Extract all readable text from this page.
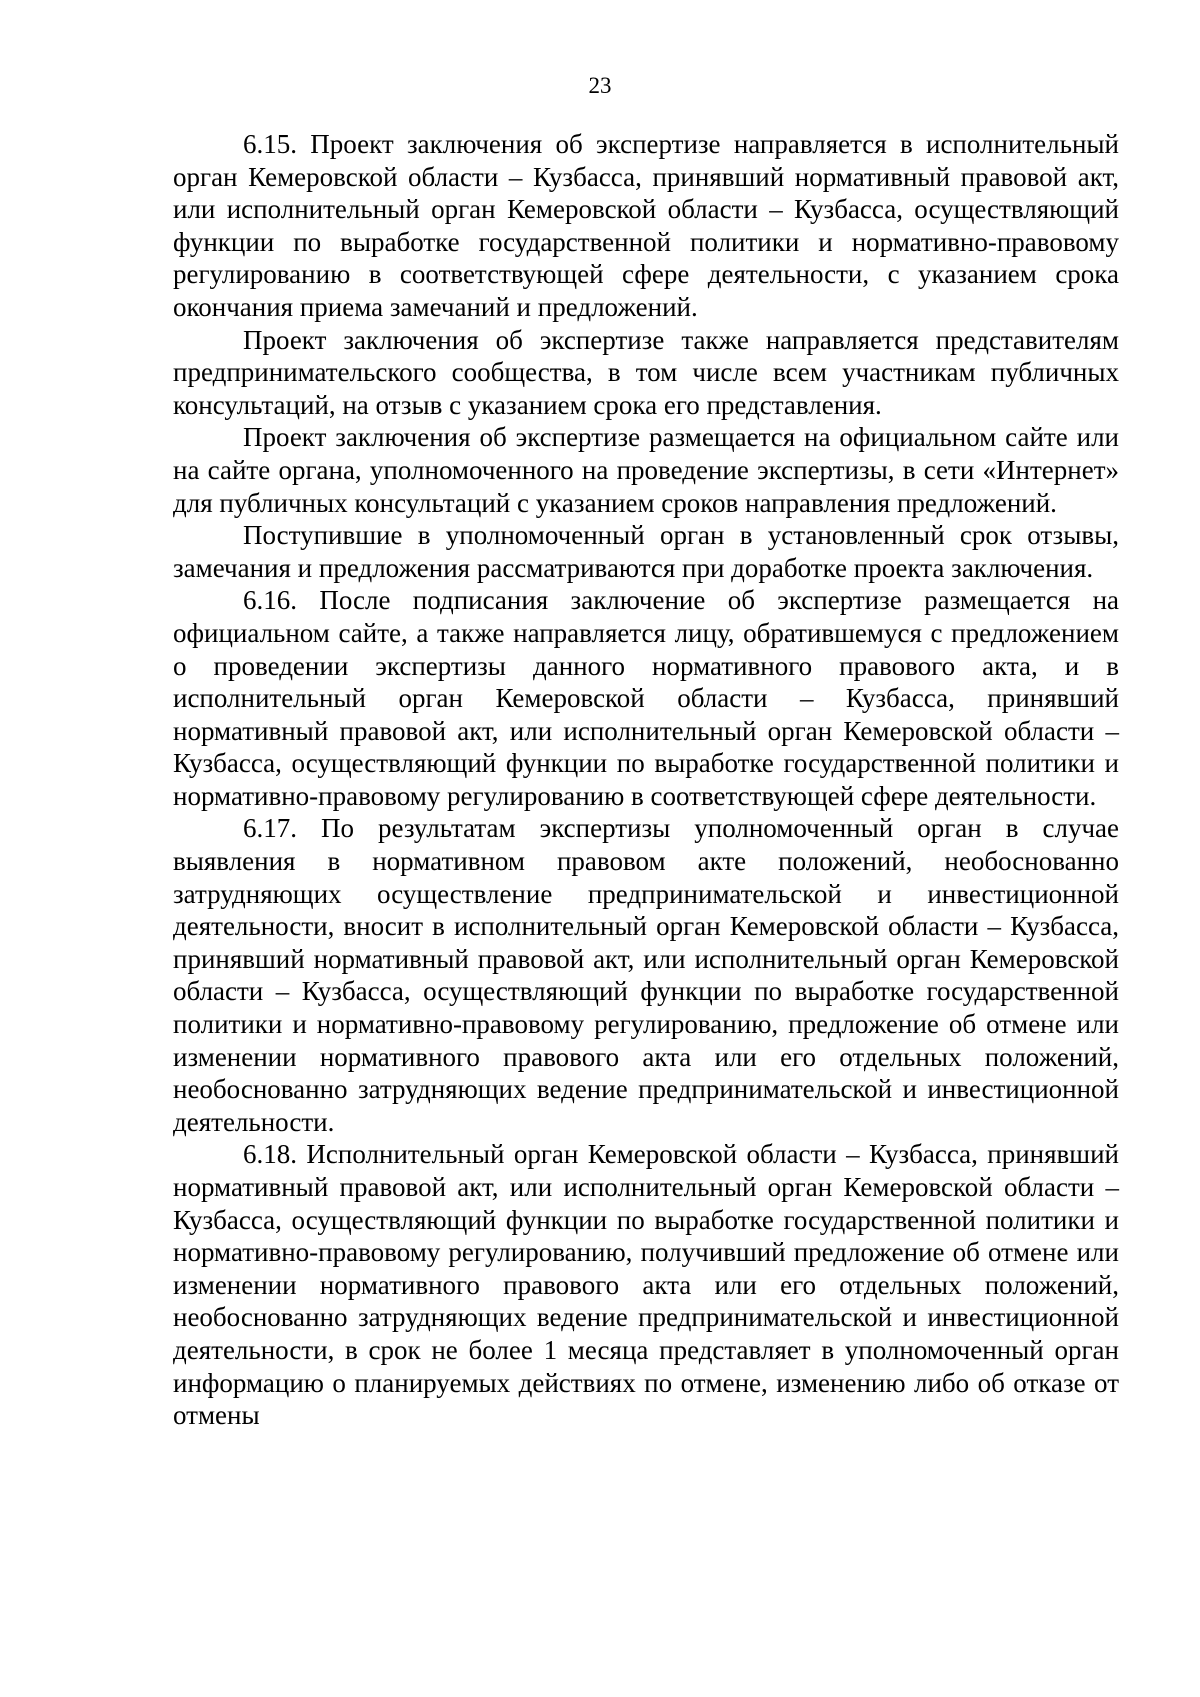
23

6.15. Проект заключения об экспертизе направляется в исполнительный орган Кемеровской области – Кузбасса, принявший нормативный правовой акт, или исполнительный орган Кемеровской области – Кузбасса, осуществляющий функции по выработке государственной политики и нормативно-правовому регулированию в соответствующей сфере деятельности, с указанием срока окончания приема замечаний и предложений.

Проект заключения об экспертизе также направляется представителям предпринимательского сообщества, в том числе всем участникам публичных консультаций, на отзыв с указанием срока его представления.

Проект заключения об экспертизе размещается на официальном сайте или на сайте органа, уполномоченного на проведение экспертизы, в сети «Интернет» для публичных консультаций с указанием сроков направления предложений.

Поступившие в уполномоченный орган в установленный срок отзывы, замечания и предложения рассматриваются при доработке проекта заключения.

6.16. После подписания заключение об экспертизе размещается на официальном сайте, а также направляется лицу, обратившемуся с предложением о проведении экспертизы данного нормативного правового акта, и в исполнительный орган Кемеровской области – Кузбасса, принявший нормативный правовой акт, или исполнительный орган Кемеровской области – Кузбасса, осуществляющий функции по выработке государственной политики и нормативно-правовому регулированию в соответствующей сфере деятельности.

6.17. По результатам экспертизы уполномоченный орган в случае выявления в нормативном правовом акте положений, необоснованно затрудняющих осуществление предпринимательской и инвестиционной деятельности, вносит в исполнительный орган Кемеровской области – Кузбасса, принявший нормативный правовой акт, или исполнительный орган Кемеровской области – Кузбасса, осуществляющий функции по выработке государственной политики и нормативно-правовому регулированию, предложение об отмене или изменении нормативного правового акта или его отдельных положений, необоснованно затрудняющих ведение предпринимательской и инвестиционной деятельности.

6.18. Исполнительный орган Кемеровской области – Кузбасса, принявший нормативный правовой акт, или исполнительный орган Кемеровской области – Кузбасса, осуществляющий функции по выработке государственной политики и нормативно-правовому регулированию, получивший предложение об отмене или изменении нормативного правового акта или его отдельных положений, необоснованно затрудняющих ведение предпринимательской и инвестиционной деятельности, в срок не более 1 месяца представляет в уполномоченный орган информацию о планируемых действиях по отмене, изменению либо об отказе от отмены
